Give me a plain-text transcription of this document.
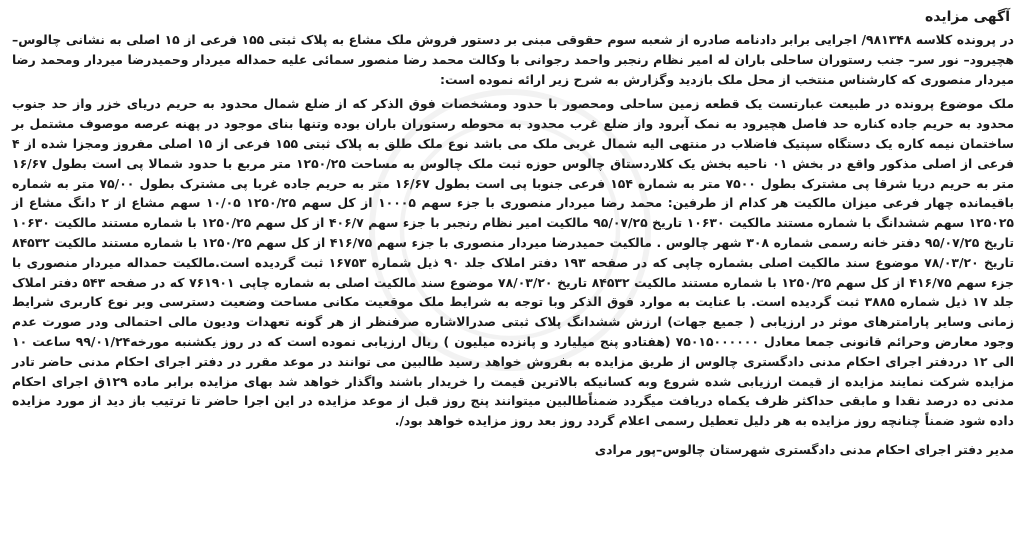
آگهی مزایده

در پرونده کلاسه ۹۸۱۳۴۸/ اجرایی برابر دادنامه صادره از شعبه سوم حقوقی مبنی بر دستور فروش ملک مشاع به پلاک ثبتی ۱۵۵ فرعی از ۱۵ اصلی به نشانی چالوس– هچیرود– نور سر– جنب رستوران ساحلی باران له امیر نظام رنجبر واحمد رجوانی با وکالت محمد رضا منصور سمائی علیه حمداله میردار وحمیدرضا میردار ومحمد رضا میردار منصوری که کارشناس منتخب از محل ملک بازدید وگزارش به شرح زیر ارائه نموده است:

ملک موضوع پرونده در طبیعت عبارتست یک قطعه زمین ساحلی ومحصور با حدود ومشخصات فوق الذکر که از ضلع شمال محدود به حریم دریای خزر واز حد جنوب محدود به حریم جاده کناره حد فاصل هچیرود به نمک آبرود واز ضلع غرب محدود به محوطه رستوران باران بوده وتنها بنای موجود در پهنه عرصه موصوف مشتمل بر ساختمان نیمه کاره یک دستگاه سپتیک فاضلاب در منتهی الیه شمال غربی ملک می باشد نوع ملک طلق به پلاک ثبتی ۱۵۵ فرعی از ۱۵ اصلی مفروز ومجزا شده از ۴ فرعی از اصلی مذکور واقع در بخش ۰۱ ناحیه بخش یک کلاردستاق چالوس حوزه ثبت ملک چالوس به مساحت ۱۲۵۰/۲۵ متر مربع با حدود شمالا پی است بطول ۱۶/۶۷ متر به حریم دریا شرقا پی مشترک بطول ۷۵۰۰ متر به شماره ۱۵۴ فرعی جنوبا پی است بطول ۱۶/۶۷ متر به حریم جاده غربا پی مشترک بطول ۷۵/۰۰ متر به شماره باقیمانده چهار فرعی میزان مالکیت هر کدام از طرفین: محمد رضا میردار منصوری با جزء سهم ۱۰۰۰۵ از کل سهم ۱۲۵۰/۲۵ ۱۰/۰۵ سهم مشاع از ۲ دانگ مشاع از ۱۲۵۰۲۵ سهم ششدانگ با شماره مستند مالکیت ۱۰۶۳۰ تاریخ ۹۵/۰۷/۲۵ مالکیت امیر نظام رنجبر با جزء سهم ۴۰۶/۷ از کل سهم ۱۲۵۰/۲۵ با شماره مستند مالکیت ۱۰۶۳۰ تاریخ ۹۵/۰۷/۲۵ دفتر خانه رسمی شماره ۳۰۸ شهر چالوس . مالکیت حمیدرضا میردار منصوری با جزء سهم ۴۱۶/۷۵ از کل سهم ۱۲۵۰/۲۵ با شماره مستند مالکیت ۸۴۵۳۲ تاریخ ۷۸/۰۳/۲۰ موضوع سند مالکیت اصلی بشماره چاپی که در صفحه ۱۹۳ دفتر املاک جلد ۹۰ ذیل شماره ۱۶۷۵۳ ثبت گردیده است.مالکیت حمداله میردار منصوری با جزء سهم ۴۱۶/۷۵ از کل سهم ۱۲۵۰/۲۵ با شماره مستند مالکیت ۸۴۵۳۲ تاریخ ۷۸/۰۳/۲۰ موضوع سند مالکیت اصلی به شماره چاپی ۷۶۱۹۰۱ که در صفحه ۵۴۳ دفتر املاک جلد ۱۷ ذیل شماره ۳۸۸۵ ثبت گردیده است. با عنایت به موارد فوق الذکر وبا توجه به شرایط ملک موقعیت مکانی مساحت وضعیت دسترسی وبر نوع کاربری شرایط زمانی وسایر پارامترهای موثر در ارزیابی ( جمیع جهات) ارزش ششدانگ پلاک ثبتی صدرالاشاره صرفنظر از هر گونه تعهدات ودیون مالی احتمالی ودر صورت عدم وجود معارض وحرائم قانونی جمعا معادل ۷۵۰۱۵۰۰۰۰۰۰ (هفتادو پنج میلیارد و پانزده میلیون ) ریال ارزیابی نموده است که در روز یکشنبه مورخه۹۹/۰۱/۲۴ ساعت ۱۰ الی ۱۲ دردفتر اجرای احکام مدنی دادگستری چالوس از طریق مزایده به بفروش خواهد رسید طالبین می توانند در موعد مقرر در دفتر اجرای احکام مدنی حاضر تادر مزایده شرکت نمایند مزایده از قیمت ارزیابی شده شروع وبه کسانیکه بالاترین قیمت را خریدار باشند واگذار خواهد شد بهای مزایده برابر ماده ۱۲۹ق اجرای احکام مدنی ده درصد نقدا و مابقی حداکثر ظرف یکماه دریافت میگردد ضمناًطالبین میتوانند پنج روز قبل از موعد مزایده در این اجرا حاضر تا ترتیب باز دید از مورد مزایده داده شود ضمناً چنانچه روز مزایده به هر دلیل تعطیل رسمی اعلام گردد روز بعد روز مزایده خواهد بود/.

مدیر دفتر اجرای احکام مدنی دادگستری شهرستان چالوس–پور مرادی
